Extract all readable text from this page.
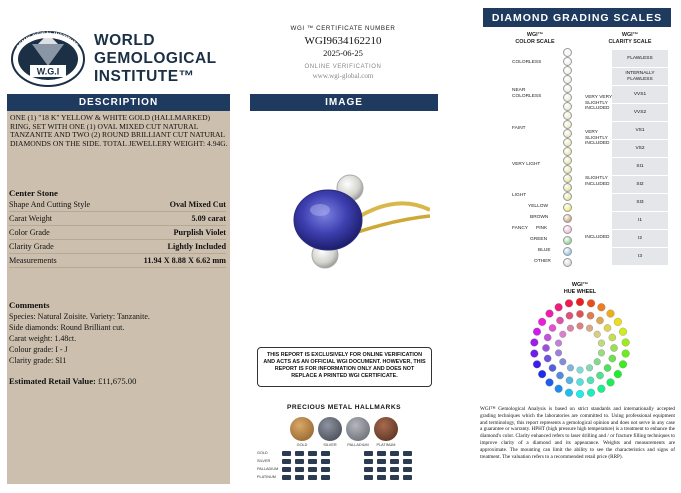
W.G.I
GEMOLOGICAL INSTITUTE WORLD
GEMOLOGICAL
INSTITUTE™
DESCRIPTION
ONE (1) "18 K" YELLOW & WHITE GOLD (HALLMARKED) RING, SET WITH ONE (1) OVAL MIXED CUT NATURAL TANZANITE AND TWO (2) ROUND BRILLIANT CUT NATURAL DIAMONDS ON THE SIDE. TOTAL JEWELLERY WEIGHT: 4.94G.
Center Stone
Shape And Cutting Style	Oval Mixed Cut
Carat Weight	5.09 carat
Color Grade	Purplish Violet
Clarity Grade	Lightly Included
Measurements	11.94 X 8.88 X 6.62 mm
Comments
Species: Natural Zoisite. Variety: Tanzanite.
Side diamonds: Round Brilliant cut.
Carat weight: 1.48ct.
Colour grade: I - J
Clarity grade: SI1
Estimated Retail Value: £11,675.00
WGI ™ CERTIFICATE NUMBER
WGI9634162210
2025-06-25
ONLINE VERIFICATION
www.wgi-global.com
IMAGE
THIS REPORT IS EXCLUSIVELY FOR ONLINE VERIFICATION AND ACTS AS AN OFFICIAL WGI DOCUMENT. HOWEVER, THIS REPORT IS FOR INFORMATION ONLY AND DOES NOT REPLACE A PRINTED WGI CERTIFICATE.
PRECIOUS METAL HALLMARKS
GOLD	SILVER	PALLADIUM	PLATINUM
GOLD
SILVER
PALLADIUM
PLATINUM
DIAMOND GRADING SCALES
WGI™
COLOR SCALE
WGI™
CLARITY SCALE
COLORLESS
NEAR
COLORLESS
FAINT
VERY LIGHT
LIGHT
FANCY
YELLOW
BROWN
PINK
GREEN
BLUE
OTHER
VERY VERY
SLIGHTLY
INCLUDED
VERY
SLIGHTLY
INCLUDED
SLIGHTLY
INCLUDED
INCLUDED
FLAWLESS
INTERNALLY
FLAWLESS
VVS1
VVS2
VS1
VS2
SI1
SI2
SI3
I1
I2
I3
WGI™
HUE WHEEL
WGI™ Gemological Analysis is based on strict standards and internationally accepted grading techniques which the laboratories are committed to. Using professional equipment and terminology, this report represents a gemological opinion and does not serve in any case a guarantee or warranty. HPHT (high pressure high temperature) is a treatment to enhance the diamond's color. Clarity enhanced refers to laser drilling and / or fracture filling techniques to improve clarity of a diamond and its appearance. Weights and measurements are approximate. The mounting can limit the ability to see the characteristics and signs of treatment. The valuation refers to a recommended retail price (RRP).
